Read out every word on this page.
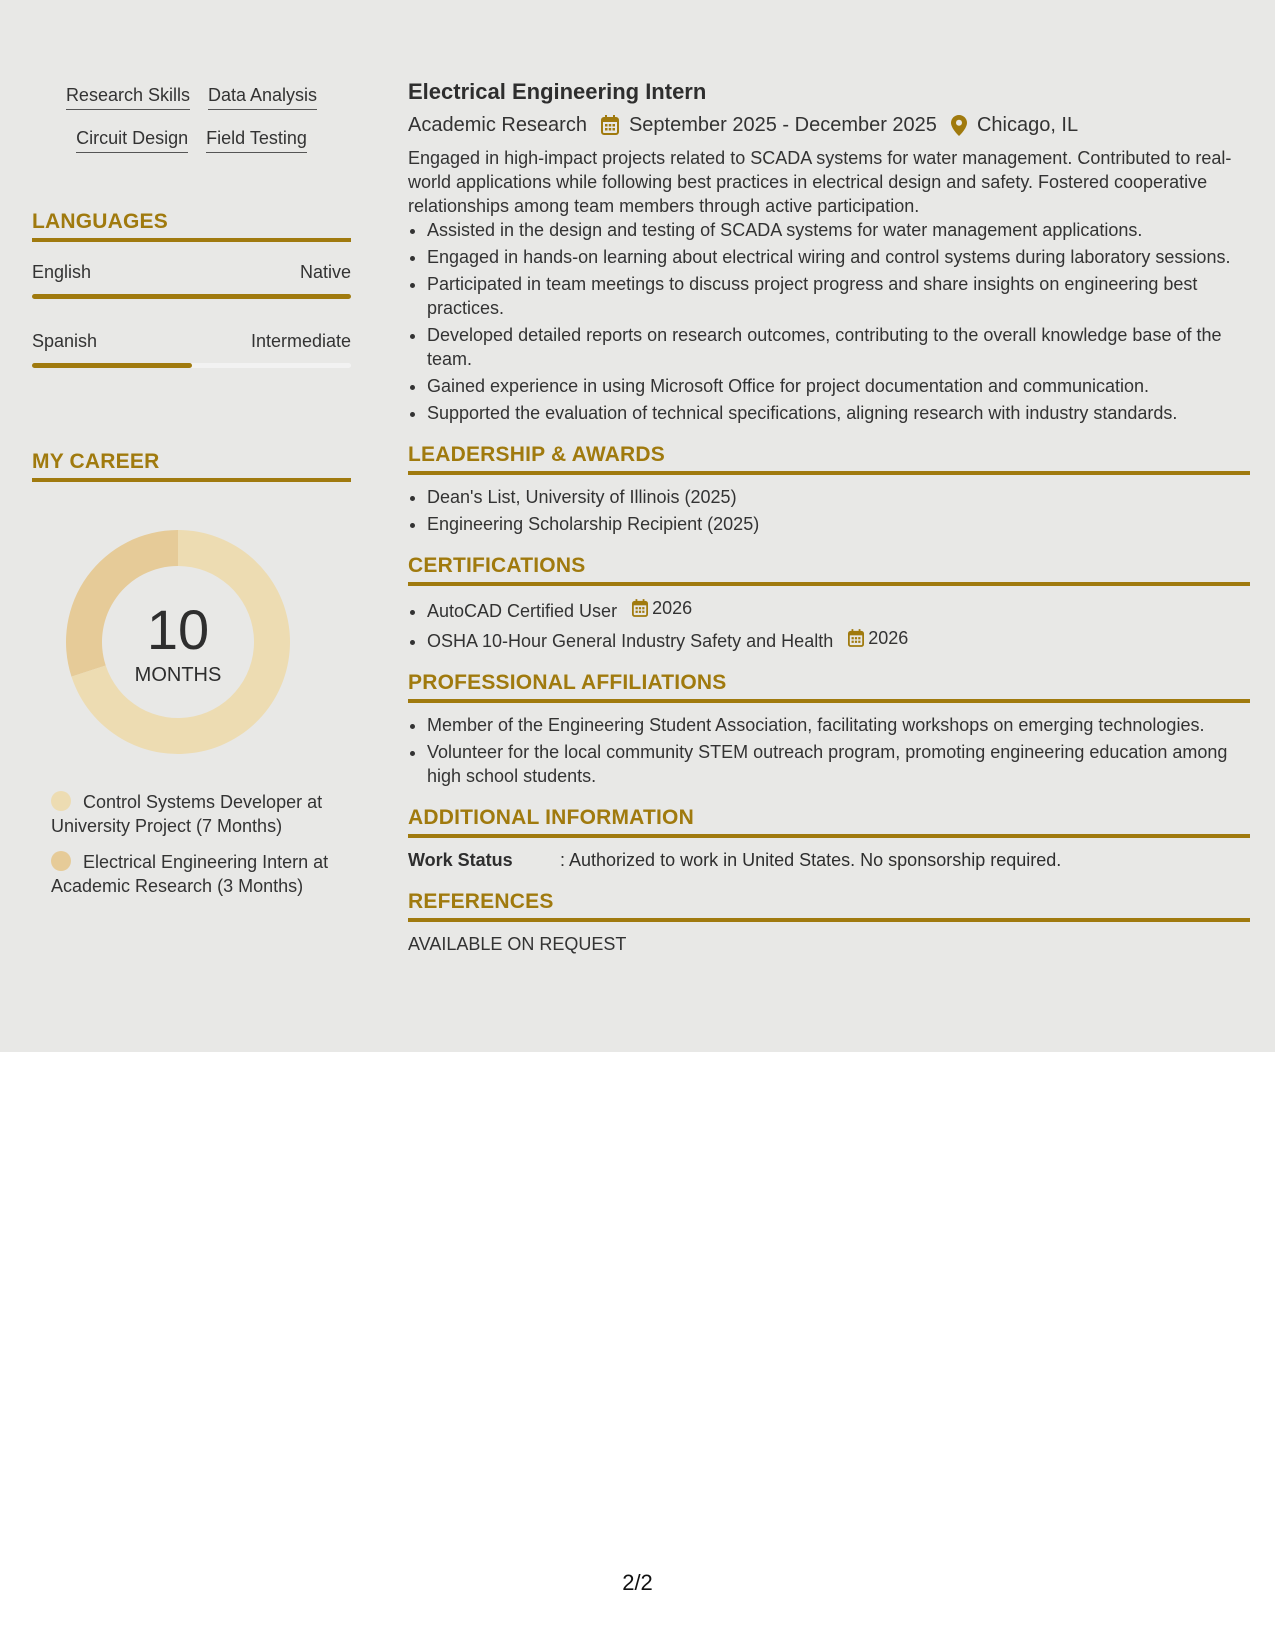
Research Skills Data Analysis
Circuit Design Field Testing
LANGUAGES
English	Native
Spanish	Intermediate
MY CAREER
10
MONTHS
Control Systems Developer at University Project (7 Months)
Electrical Engineering Intern at Academic Research (3 Months)
Electrical Engineering Intern
Academic Research September 2025 - December 2025 Chicago, IL

Engaged in high-impact projects related to SCADA systems for water management. Contributed to real-world applications while following best practices in electrical design and safety. Fostered cooperative relationships among team members through active participation.

• Assisted in the design and testing of SCADA systems for water management applications.
• Engaged in hands-on learning about electrical wiring and control systems during laboratory sessions.
• Participated in team meetings to discuss project progress and share insights on engineering best practices.
• Developed detailed reports on research outcomes, contributing to the overall knowledge base of the team.
• Gained experience in using Microsoft Office for project documentation and communication.
• Supported the evaluation of technical specifications, aligning research with industry standards.
LEADERSHIP & AWARDS
• Dean's List, University of Illinois (2025)
• Engineering Scholarship Recipient (2025)
CERTIFICATIONS
• AutoCAD Certified User 2026
• OSHA 10-Hour General Industry Safety and Health 2026
PROFESSIONAL AFFILIATIONS
• Member of the Engineering Student Association, facilitating workshops on emerging technologies.
• Volunteer for the local community STEM outreach program, promoting engineering education among high school students.
ADDITIONAL INFORMATION
Work Status	: Authorized to work in United States. No sponsorship required.
REFERENCES
AVAILABLE ON REQUEST
2/2
